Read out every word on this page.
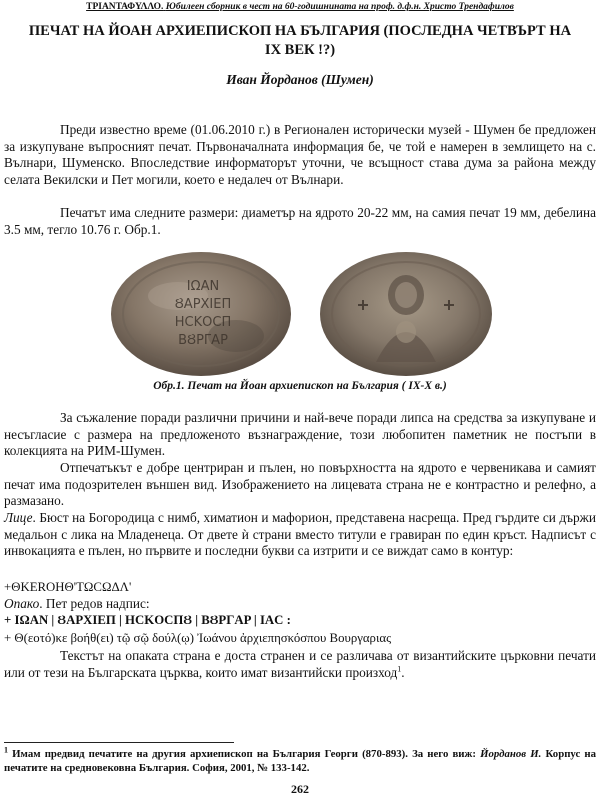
ΤΡΙΑΝΤΑΦΥΛΛΟ. Юбилеен сборник в чест на 60-годишнината на проф. д.ф.н. Христо Трендафилов
ПЕЧАТ НА ЙОАН АРХИЕПИСКОП НА БЪЛГАРИЯ (ПОСЛЕДНА ЧЕТВЪРТ НА IX ВЕК !?)
Иван Йорданов (Шумен)

Преди известно време (01.06.2010 г.) в Регионален исторически музей - Шумен бе предложен за изкупуване въпросният печат. Първоначалната информация бе, че той е намерен в землището на с. Вълнари, Шуменско. Впоследствие информаторът уточни, че всъщност става дума за района между селата Векилски и Пет могили, което е недалеч от Вълнари.

Печатът има следните размери: диаметър на ядрото 20-22 мм, на самия печат 19 мм, дебелина 3.5 мм, тегло 10.76 г. Обр.1.

ΙΩΑΝ
ȢΑΡΧΙΕΠ
ΗCΚΟCΠ
ΒȢΡΓΑΡ
Обр.1. Печат на Йоан архиепископ на България ( IX-X в.)

За съжаление поради различни причини и най-вече поради липса на средства за изкупуване и несъгласие с размера на предложеното възнаграждение, този любопитен паметник не постъпи в колекцията на РИМ-Шумен.

Отпечатъкът е добре центриран и пълен, но повърхността на ядрото е червеникава и самият печат има подозрителен външен вид. Изображението на лицевата страна не е контрастно и релефно, а размазано.

Лице. Бюст на Богородица с нимб, химатион и мафорион, представена насреща. Пред гърдите си държи медальон с лика на Младенеца. От двете ѝ страни вместо титули е гравиран по един кръст. Надписът с инвокацията е пълен, но първите и последни букви са изтрити и се виждат само в контур:

+ΘKEROHΘ'TΩCΩΔΛ'
Опако. Пет редов надпис:
+ IΩAN | ȢAPXIEΠ | HCKOCΠȢ | BȢPΓAP | IAC :
+ Θ(εοτό)κε βοήθ(ει) τῷ σῷ δούλ(ῳ) Ἰωάνου ἀρχιεπησκόσπου Βουργαριας

Текстът на опаката страна е доста странен и се различава от византийските църковни печати или от тези на Българската църква, които имат византийски произход$^1$.

$^1$ Имам предвид печатите на другия архиепископ на България Георги (870-893). За него виж: Йорданов И. Корпус на печатите на средновековна България. София, 2001, № 133-142.

262
